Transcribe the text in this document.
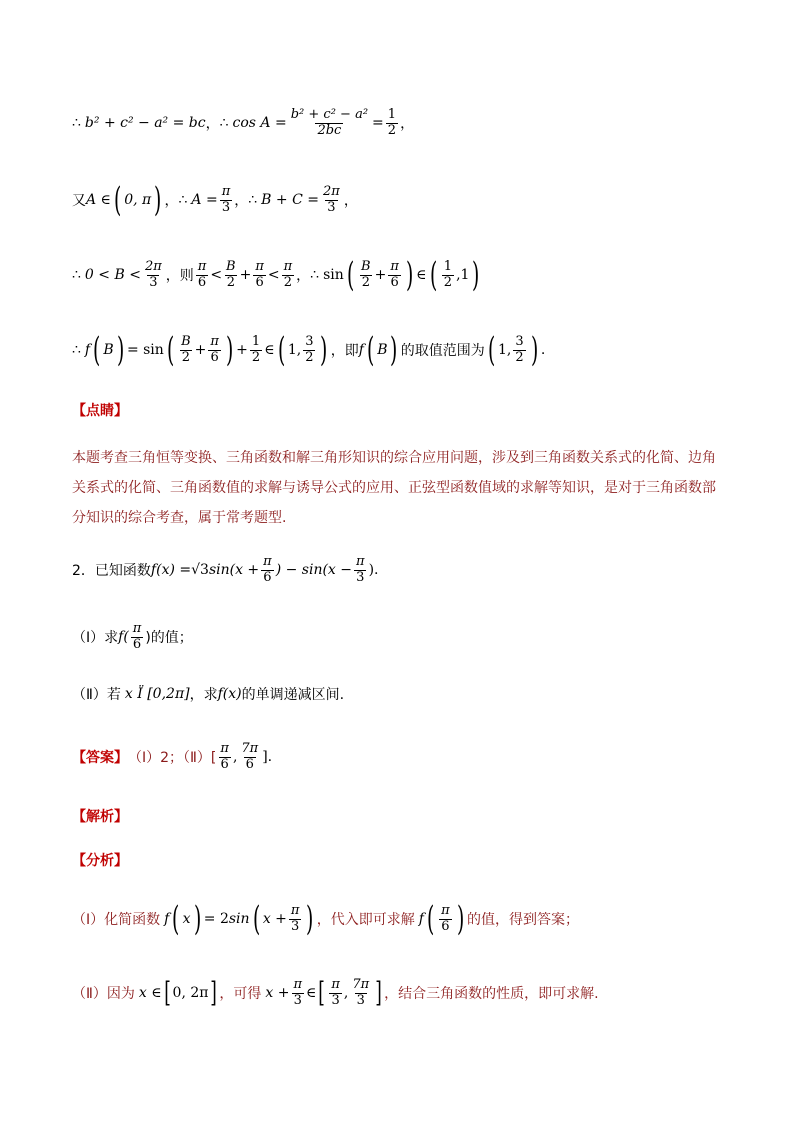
∴ b² + c² − a² = bc ， ∴ $\cos A = \frac{\text{b² + c² − a²}}{2bc} = \frac{1}{2}$ ，
又 A ∈ ( 0, π ) ， ∴ $A = \frac{\pi}{3}$ ， ∴ $B + C = \frac{2\pi}{3}$ ，
∴ $0 < B < \frac{2\pi}{3}$ ，则 $\frac{\pi}{6} < \frac{B}{2} + \frac{\pi}{6} < \frac{\pi}{2}$ ， ∴ sin ( $\frac{B}{2} + \frac{\pi}{6}$ ) ∈ ( $\frac{1}{2} ,1$ )
∴ f ( B ) = sin ( $\frac{B}{2} + \frac{\pi}{6}$ ) + $\frac{1}{2}$ ∈ ( 1, $\frac{3}{2}$ ) ，即 f ( B ) 的取值范围为 ( 1, $\frac{3}{2}$ ) .
【点睛】
本题考查三角恒等变换、三角函数和解三角形知识的综合应用问题，涉及到三角函数关系式的化简、边角关系式的化简、三角函数值的求解与诱导公式的应用、正弦型函数值域的求解等知识，是对于三角函数部分知识的综合考查，属于常考题型.
2．已知函数 f(x) = √3 $\sin(x + \frac{\pi}{6}$ ) − $\sin(x - \frac{\pi}{3}$ ).
（Ⅰ）求 $f( \frac{\pi}{6}$ )的值；
（Ⅱ）若 x Ï [0,2π] ，求 f(x) 的单调递减区间.
【答案】 （Ⅰ）2；（Ⅱ）[ $\frac{\pi}{6}$ , $\frac{7\pi}{6}$ ].
【解析】
【分析】
（Ⅰ）化简函数 f ( x ) = 2 sin ( $x + \frac{\pi}{3}$ ) ，代入即可求解 f ( $\frac{\pi}{6}$ ) 的值，得到答案；
（Ⅱ）因为 x ∈ [ 0, 2π ] ，可得 $x + \frac{\pi}{3}$ ∈ [ $\frac{\pi}{3}$ , $\frac{7\pi}{3}$ ] ，结合三角函数的性质，即可求解.
